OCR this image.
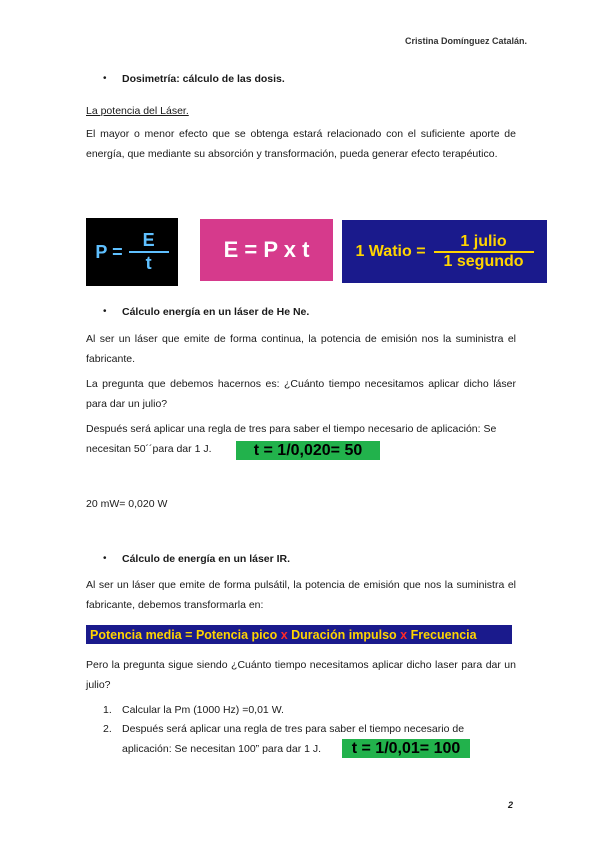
Cristina Domínguez Catalán.
• Dosimetría: cálculo de las dosis.
La potencia del Láser.
El mayor o menor efecto que se obtenga estará relacionado con el suficiente aporte de energía, que mediante su absorción y transformación, pueda generar efecto terapéutico.
$P = \frac{E}{t}$	E = P x t	1 Watio = $\frac{\text{1 julio}}{\text{1 segundo}}$
• Cálculo energía en un láser de He Ne.
Al ser un láser que emite de forma continua, la potencia de emisión nos la suministra el fabricante.
La pregunta que debemos hacernos es: ¿Cuánto tiempo necesitamos aplicar dicho láser para dar un julio?
Después será aplicar una regla de tres para saber el tiempo necesario de aplicación: Se
necesitan 50´´para dar 1 J.	t = 1/0,020= 50
20 mW= 0,020 W
• Cálculo de energía en un láser IR.
Al ser un láser que emite de forma pulsátil, la potencia de emisión que nos la suministra el fabricante, debemos transformarla en:
Potencia media = Potencia pico x Duración impulso x Frecuencia
Pero la pregunta sigue siendo ¿Cuánto tiempo necesitamos aplicar dicho laser para dar un julio?
1. Calcular la Pm (1000 Hz) =0,01 W.
2. Después será aplicar una regla de tres para saber el tiempo necesario de
aplicación: Se necesitan 100” para dar 1 J.	t = 1/0,01= 100
2
